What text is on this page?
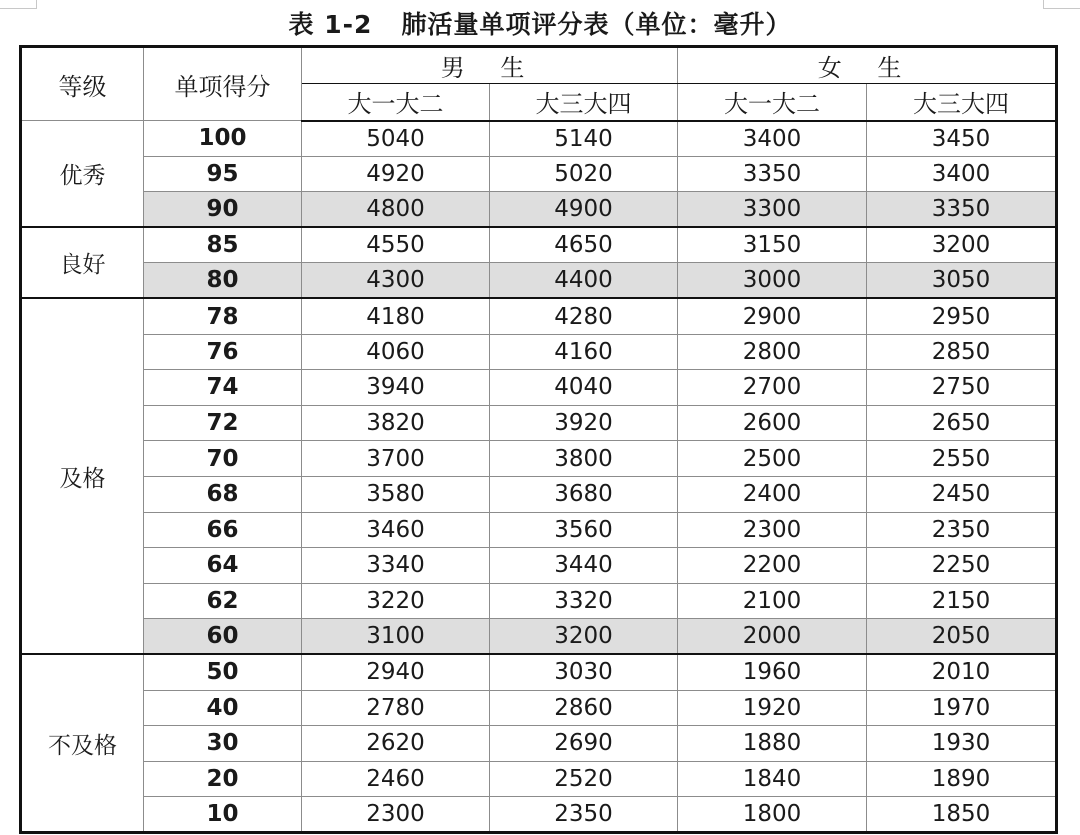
表 1-2   肺活量单项评分表（单位：毫升）
等级	单项得分	男 生		女 生	
		大一大二	大三大四	大一大二	大三大四
优秀	100	5040	5140	3400	3450
	95	4920	5020	3350	3400
	90	4800	4900	3300	3350
良好	85	4550	4650	3150	3200
	80	4300	4400	3000	3050
及格	78	4180	4280	2900	2950
	76	4060	4160	2800	2850
	74	3940	4040	2700	2750
	72	3820	3920	2600	2650
	70	3700	3800	2500	2550
	68	3580	3680	2400	2450
	66	3460	3560	2300	2350
	64	3340	3440	2200	2250
	62	3220	3320	2100	2150
	60	3100	3200	2000	2050
不及格	50	2940	3030	1960	2010
	40	2780	2860	1920	1970
	30	2620	2690	1880	1930
	20	2460	2520	1840	1890
	10	2300	2350	1800	1850
